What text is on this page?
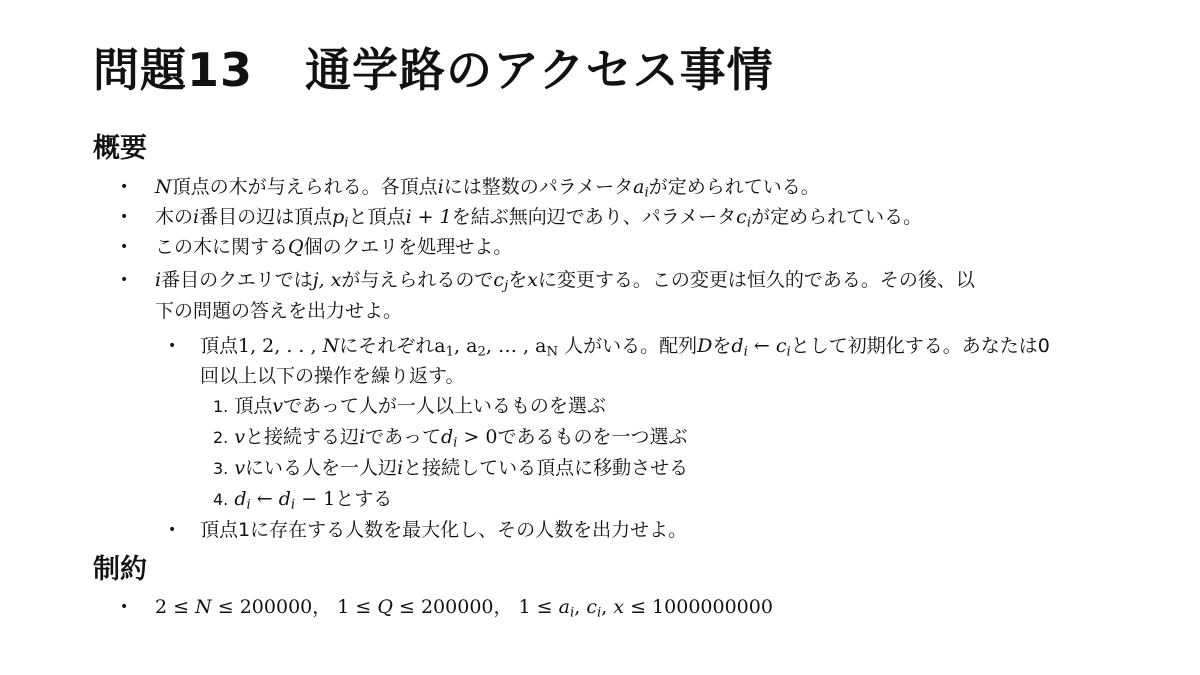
問題13 通学路のアクセス事情
概要
• N頂点の木が与えられる。各頂点iには整数のパラメータ$a_i$が定められている。
• 木のi番目の辺は頂点$p_i$と頂点i + 1を結ぶ無向辺であり、パラメータ$c_i$が定められている。
• この木に関するQ個のクエリを処理せよ。
• i番目のクエリではj, xが与えられるので$c_j$をxに変更する。この変更は恒久的である。その後、以
下の問題の答えを出力せよ。
• 頂点1, 2, . . , Nにそれぞれ$a_1$, $a_2$, … , $a_N$ 人がいる。配列Dを$d_i$ ← $c_i$として初期化する。あなたは0
回以上以下の操作を繰り返す。
1. 頂点vであって人が一人以上いるものを選ぶ
2. vと接続する辺iであって$d_i > 0$であるものを一つ選ぶ
3. vにいる人を一人辺iと接続している頂点に移動させる
4. $d_i$ ← $d_i - 1$とする
• 頂点1に存在する人数を最大化し、その人数を出力せよ。
制約
• 2 ≤ N ≤ 200000， 1 ≤ Q ≤ 200000， $1 \le a_i$, $c_i$, x ≤ 1000000000
